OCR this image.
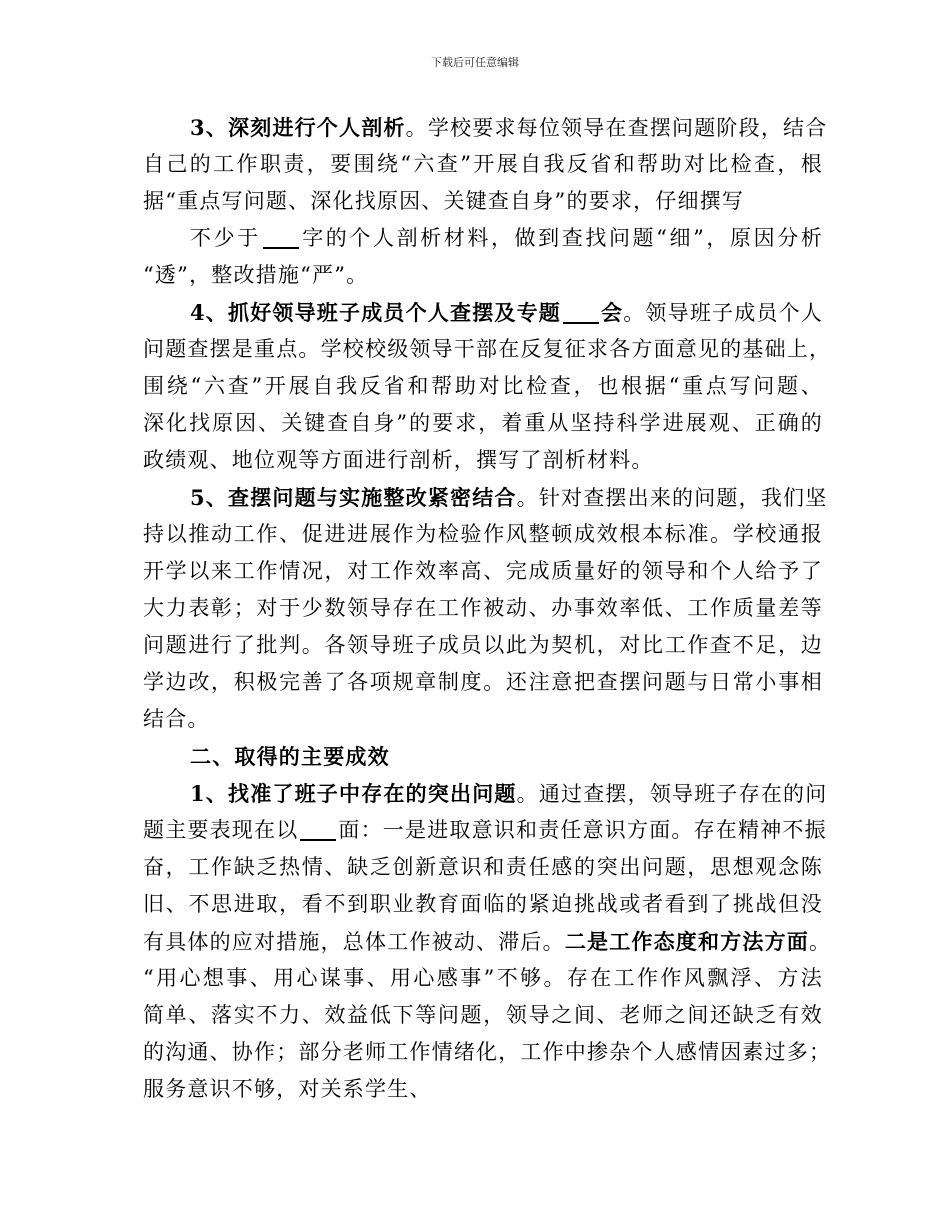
下载后可任意编辑
3、深刻进行个人剖析。学校要求每位领导在查摆问题阶段，结合
自己的工作职责，要围绕“六查”开展自我反省和帮助对比检查，根
据“重点写问题、深化找原因、关键查自身”的要求，仔细撰写
不少于 字的个人剖析材料，做到查找问题“细”，原因分析
“透”，整改措施“严”。
4、抓好领导班子成员个人查摆及专题 会。领导班子成员个人
问题查摆是重点。学校校级领导干部在反复征求各方面意见的基础上，
围绕“六查”开展自我反省和帮助对比检查，也根据“重点写问题、
深化找原因、关键查自身”的要求，着重从坚持科学进展观、正确的
政绩观、地位观等方面进行剖析，撰写了剖析材料。
5、查摆问题与实施整改紧密结合。针对查摆出来的问题，我们坚
持以推动工作、促进进展作为检验作风整顿成效根本标准。学校通报
开学以来工作情况，对工作效率高、完成质量好的领导和个人给予了
大力表彰；对于少数领导存在工作被动、办事效率低、工作质量差等
问题进行了批判。各领导班子成员以此为契机，对比工作查不足，边
学边改，积极完善了各项规章制度。还注意把查摆问题与日常小事相
结合。
二、取得的主要成效
1、找准了班子中存在的突出问题。通过查摆，领导班子存在的问
题主要表现在以 面：一是进取意识和责任意识方面。存在精神不振
奋，工作缺乏热情、缺乏创新意识和责任感的突出问题，思想观念陈
旧、不思进取，看不到职业教育面临的紧迫挑战或者看到了挑战但没
有具体的应对措施，总体工作被动、滞后。二是工作态度和方法方面。
“用心想事、用心谋事、用心感事”不够。存在工作作风飘浮、方法
简单、落实不力、效益低下等问题，领导之间、老师之间还缺乏有效
的沟通、协作；部分老师工作情绪化，工作中掺杂个人感情因素过多；
服务意识不够，对关系学生、
